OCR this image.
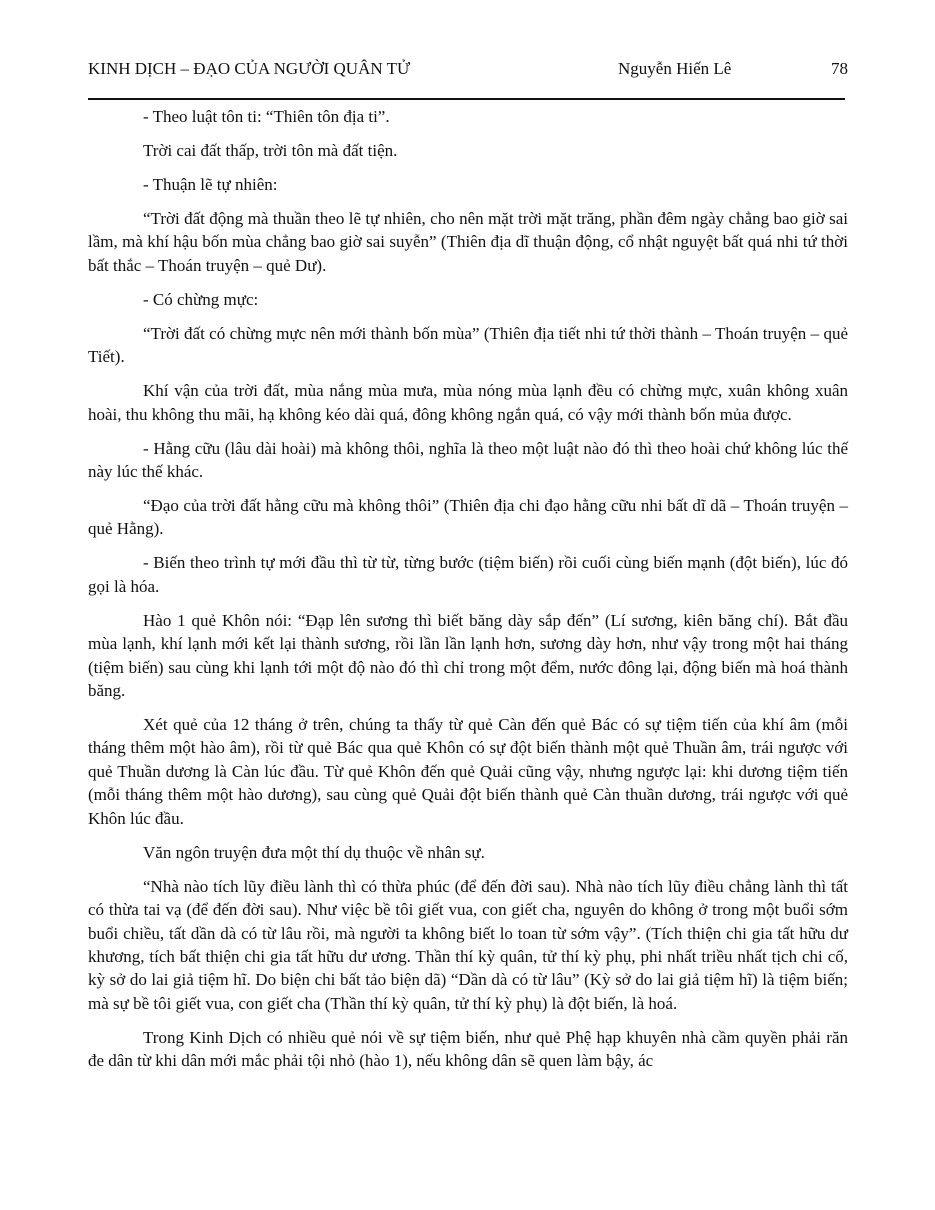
KINH DỊCH – ĐẠO CỦA NGƯỜI QUÂN TỬ	Nguyễn Hiến Lê	78

- Theo luật tôn ti: “Thiên tôn địa ti”.

Trời cai đất thấp, trời tôn mà đất tiện.

- Thuận lẽ tự nhiên:

“Trời đất động mà thuần theo lẽ tự nhiên, cho nên mặt trời mặt trăng, phần đêm ngày chẳng bao giờ sai lầm, mà khí hậu bốn mùa chẳng bao giờ sai suyễn” (Thiên địa dĩ thuận động, cổ nhật nguyệt bất quá nhi tứ thời bất thắc – Thoán truyện – quẻ Dư).

- Có chừng mực:

“Trời đất có chừng mực nên mới thành bốn mùa” (Thiên địa tiết nhi tứ thời thành – Thoán truyện – quẻ Tiết).

Khí vận của trời đất, mùa nắng mùa mưa, mùa nóng mùa lạnh đều có chừng mực, xuân không xuân hoài, thu không thu mãi, hạ không kéo dài quá, đông không ngắn quá, có vậy mới thành bốn mủa được.

- Hằng cữu (lâu dài hoài) mà không thôi, nghĩa là theo một luật nào đó thì theo hoài chứ không lúc thế này lúc thế khác.

“Đạo của trời đất hằng cữu mà không thôi” (Thiên địa chi đạo hằng cữu nhi bất dĩ dã – Thoán truyện – quẻ Hằng).

- Biến theo trình tự mới đầu thì từ từ, từng bước (tiệm biến) rồi cuối cùng biến mạnh (đột biến), lúc đó gọi là hóa.

Hào 1 quẻ Khôn nói: “Đạp lên sương thì biết băng dày sắp đến” (Lí sương, kiên băng chí). Bắt đầu mùa lạnh, khí lạnh mới kết lại thành sương, rồi lần lần lạnh hơn, sương dày hơn, như vậy trong một hai tháng (tiệm biến) sau cùng khi lạnh tới một độ nào đó thì chỉ trong một đểm, nước đông lại, động biến mà hoá thành băng.

Xét quẻ của 12 tháng ở trên, chúng ta thấy từ quẻ Càn đến quẻ Bác có sự tiệm tiến của khí âm (mỗi tháng thêm một hào âm), rồi từ quẻ Bác qua quẻ Khôn có sự đột biến thành một quẻ Thuần âm, trái ngược với quẻ Thuần dương là Càn lúc đầu. Từ quẻ Khôn đến quẻ Quải cũng vậy, nhưng ngược lại: khi dương tiệm tiến (mỗi tháng thêm một hào dương), sau cùng quẻ Quải đột biến thành quẻ Càn thuần dương, trái ngược với quẻ Khôn lúc đầu.

Văn ngôn truyện đưa một thí dụ thuộc về nhân sự.

“Nhà nào tích lũy điều lành thì có thừa phúc (để đến đời sau). Nhà nào tích lũy điều chẳng lành thì tất có thừa tai vạ (để đến đời sau). Như việc bề tôi giết vua, con giết cha, nguyên do không ở trong một buổi sớm buổi chiều, tất dần dà có từ lâu rồi, mà người ta không biết lo toan từ sớm vậy”. (Tích thiện chi gia tất hữu dư khương, tích bất thiện chi gia tất hữu dư ương. Thần thí kỳ quân, tử thí kỳ phụ, phi nhất triều nhất tịch chi cố, kỳ sở do lai giả tiệm hĩ. Do biện chi bất tảo biện dã) “Dần dà có từ lâu” (Kỳ sở do lai giả tiệm hĩ) là tiệm biến; mà sự bề tôi giết vua, con giết cha (Thần thí kỳ quân, tử thí kỳ phụ) là đột biến, là hoá.

Trong Kinh Dịch có nhiều quẻ nói về sự tiệm biến, như quẻ Phệ hạp khuyên nhà cầm quyền phải răn đe dân từ khi dân mới mắc phải tội nhỏ (hào 1), nếu không dân sẽ quen làm bậy, ác
